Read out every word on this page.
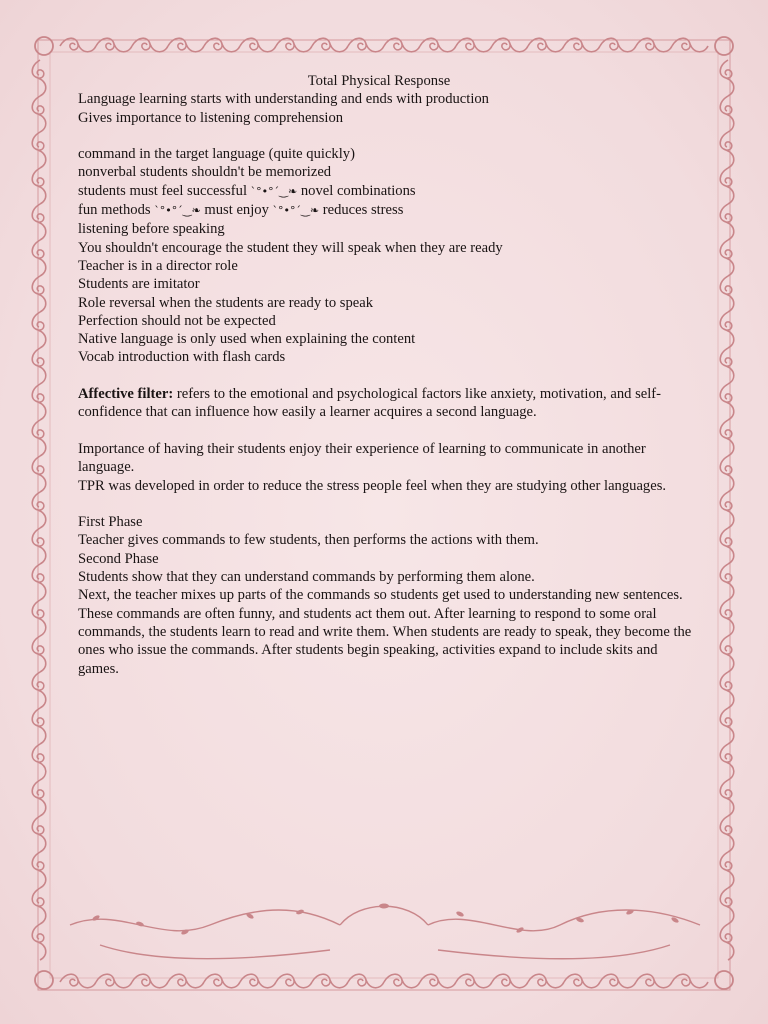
Total Physical Response
Language learning starts with understanding and ends with production
Gives importance to listening comprehension
command in the target language (quite quickly)
nonverbal students shouldn't be memorized
students must feel successful `°•°´‿❧ novel combinations
fun methods `°•°´‿❧ must enjoy `°•°´‿❧ reduces stress
listening before speaking
You shouldn't encourage the student they will speak when they are ready
Teacher is in a director role
Students are imitator
Role reversal when the students are ready to speak
Perfection should not be expected
Native language is only used when explaining the content
Vocab introduction with flash cards
Affective filter: refers to the emotional and psychological factors like anxiety, motivation, and self-confidence that can influence how easily a learner acquires a second language.
Importance of having their students enjoy their experience of learning to communicate in another language.
TPR was developed in order to reduce the stress people feel when they are studying other languages.
First Phase
Teacher gives commands to few students, then performs the actions with them.
Second Phase
Students show that they can understand commands by performing them alone.
Next, the teacher mixes up parts of the commands so students get used to understanding new sentences. These commands are often funny, and students act them out. After learning to respond to some oral commands, the students learn to read and write them. When students are ready to speak, they become the ones who issue the commands. After students begin speaking, activities expand to include skits and games.
